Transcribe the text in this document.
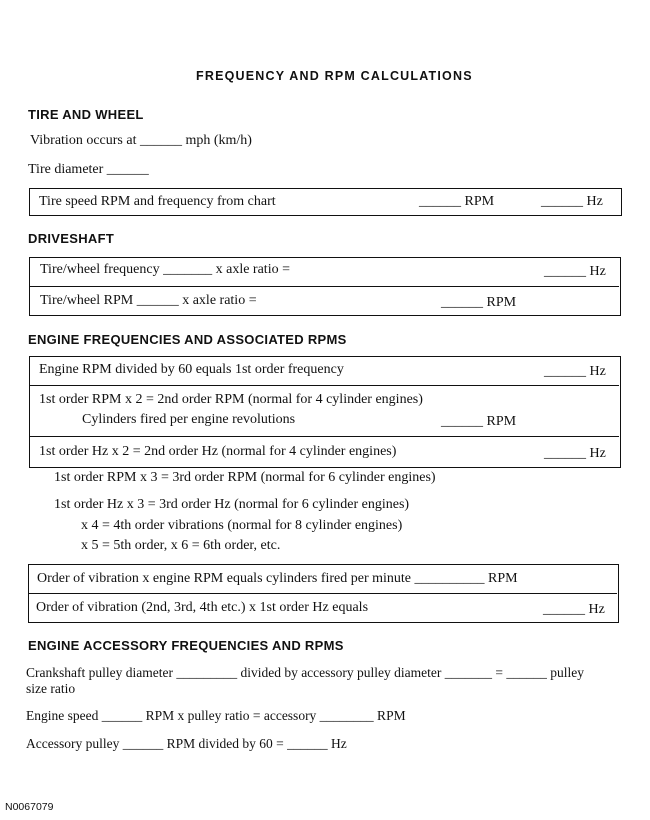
FREQUENCY AND RPM CALCULATIONS
TIRE AND WHEEL
Vibration occurs at ______ mph (km/h)
Tire diameter ______
Tire speed RPM and frequency from chart	______ RPM	______ Hz
DRIVESHAFT
Tire/wheel frequency _______ x axle ratio =	______ Hz
Tire/wheel RPM ______ x axle ratio =	______ RPM
ENGINE FREQUENCIES AND ASSOCIATED RPMS
Engine RPM divided by 60 equals 1st order frequency	______ Hz
1st order RPM x 2 = 2nd order RPM (normal for 4 cylinder engines)
Cylinders fired per engine revolutions	______ RPM
1st order Hz x 2 = 2nd order Hz (normal for 4 cylinder engines)	______ Hz
1st order RPM x 3 = 3rd order RPM (normal for 6 cylinder engines)
1st order Hz x 3 = 3rd order Hz (normal for 6 cylinder engines)
x 4 = 4th order vibrations (normal for 8 cylinder engines)
x 5 = 5th order, x 6 = 6th order, etc.
Order of vibration x engine RPM equals cylinders fired per minute __________ RPM
Order of vibration (2nd, 3rd, 4th etc.) x 1st order Hz equals	______ Hz
ENGINE ACCESSORY FREQUENCIES AND RPMS
Crankshaft pulley diameter _________ divided by accessory pulley diameter _______ = ______ pulley
size ratio
Engine speed ______ RPM x pulley ratio = accessory ________ RPM
Accessory pulley ______ RPM divided by 60 = ______ Hz
N0067079
